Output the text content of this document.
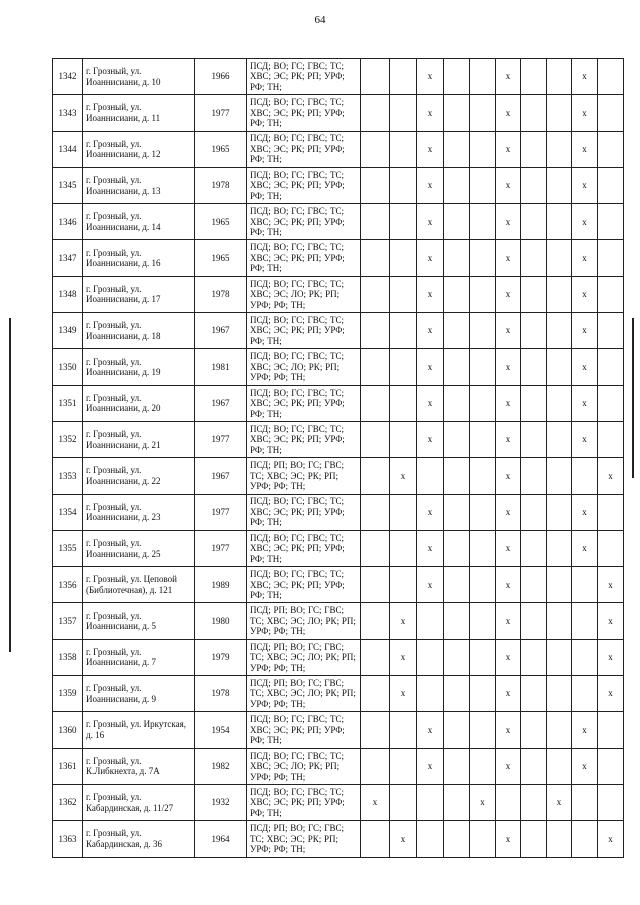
64
1342	г. Грозный, ул. Иоаннисиани, д. 10	1966	ПСД; ВО; ГС; ГВС; ТС; ХВС; ЭС; РК; РП; УРФ; РФ; ТН;			x			x			x	
1343	г. Грозный, ул. Иоаннисиани, д. 11	1977	ПСД; ВО; ГС; ГВС; ТС; ХВС; ЭС; РК; РП; УРФ; РФ; ТН;			x			x			x	
1344	г. Грозный, ул. Иоаннисиани, д. 12	1965	ПСД; ВО; ГС; ГВС; ТС; ХВС; ЭС; РК; РП; УРФ; РФ; ТН;			x			x			x	
1345	г. Грозный, ул. Иоаннисиани, д. 13	1978	ПСД; ВО; ГС; ГВС; ТС; ХВС; ЭС; РК; РП; УРФ; РФ; ТН;			x			x			x	
1346	г. Грозный, ул. Иоаннисиани, д. 14	1965	ПСД; ВО; ГС; ГВС; ТС; ХВС; ЭС; РК; РП; УРФ; РФ; ТН;			x			x			x	
1347	г. Грозный, ул. Иоаннисиани, д. 16	1965	ПСД; ВО; ГС; ГВС; ТС; ХВС; ЭС; РК; РП; УРФ; РФ; ТН;			x			x			x	
1348	г. Грозный, ул. Иоаннисиани, д. 17	1978	ПСД; ВО; ГС; ГВС; ТС; ХВС; ЭС; ЛО; РК; РП; УРФ; РФ; ТН;			x			x			x	
1349	г. Грозный, ул. Иоаннисиани, д. 18	1967	ПСД; ВО; ГС; ГВС; ТС; ХВС; ЭС; РК; РП; УРФ; РФ; ТН;			x			x			x	
1350	г. Грозный, ул. Иоаннисиани, д. 19	1981	ПСД; ВО; ГС; ГВС; ТС; ХВС; ЭС; ЛО; РК; РП; УРФ; РФ; ТН;			x			x			x	
1351	г. Грозный, ул. Иоаннисиани, д. 20	1967	ПСД; ВО; ГС; ГВС; ТС; ХВС; ЭС; РК; РП; УРФ; РФ; ТН;			x			x			x	
1352	г. Грозный, ул. Иоаннисиани, д. 21	1977	ПСД; ВО; ГС; ГВС; ТС; ХВС; ЭС; РК; РП; УРФ; РФ; ТН;			x			x			x	
1353	г. Грозный, ул. Иоаннисиани, д. 22	1967	ПСД; РП; ВО; ГС; ГВС; ТС; ХВС; ЭС; РК; РП; УРФ; РФ; ТН;		x				x				x
1354	г. Грозный, ул. Иоаннисиани, д. 23	1977	ПСД; ВО; ГС; ГВС; ТС; ХВС; ЭС; РК; РП; УРФ; РФ; ТН;			x			x			x	
1355	г. Грозный, ул. Иоаннисиани, д. 25	1977	ПСД; ВО; ГС; ГВС; ТС; ХВС; ЭС; РК; РП; УРФ; РФ; ТН;			x			x			x	
1356	г. Грозный, ул. Цеповой (Библиотечная), д. 121	1989	ПСД; ВО; ГС; ГВС; ТС; ХВС; ЭС; РК; РП; УРФ; РФ; ТН;			x			x				x
1357	г. Грозный, ул. Иоаннисиани, д. 5	1980	ПСД; РП; ВО; ГС; ГВС; ТС; ХВС; ЭС; ЛО; РК; РП; УРФ; РФ; ТН;		x				x				x
1358	г. Грозный, ул. Иоаннисиани, д. 7	1979	ПСД; РП; ВО; ГС; ГВС; ТС; ХВС; ЭС; ЛО; РК; РП; УРФ; РФ; ТН;		x				x				x
1359	г. Грозный, ул. Иоаннисиани, д. 9	1978	ПСД; РП; ВО; ГС; ГВС; ТС; ХВС; ЭС; ЛО; РК; РП; УРФ; РФ; ТН;		x				x				x
1360	г. Грозный, ул. Иркутская, д. 16	1954	ПСД; ВО; ГС; ГВС; ТС; ХВС; ЭС; РК; РП; УРФ; РФ; ТН;			x			x			x	
1361	г. Грозный, ул. К.Либкнехта, д. 7А	1982	ПСД; ВО; ГС; ГВС; ТС; ХВС; ЭС; ЛО; РК; РП; УРФ; РФ; ТН;			x			x			x	
1362	г. Грозный, ул. Кабардинская, д. 11/27	1932	ПСД; ВО; ГС; ГВС; ТС; ХВС; ЭС; РК; РП; УРФ; РФ; ТН;	x				x			x		
1363	г. Грозный, ул. Кабардинская, д. 36	1964	ПСД; РП; ВО; ГС; ГВС; ТС; ХВС; ЭС; РК; РП; УРФ; РФ; ТН;		x				x				x
